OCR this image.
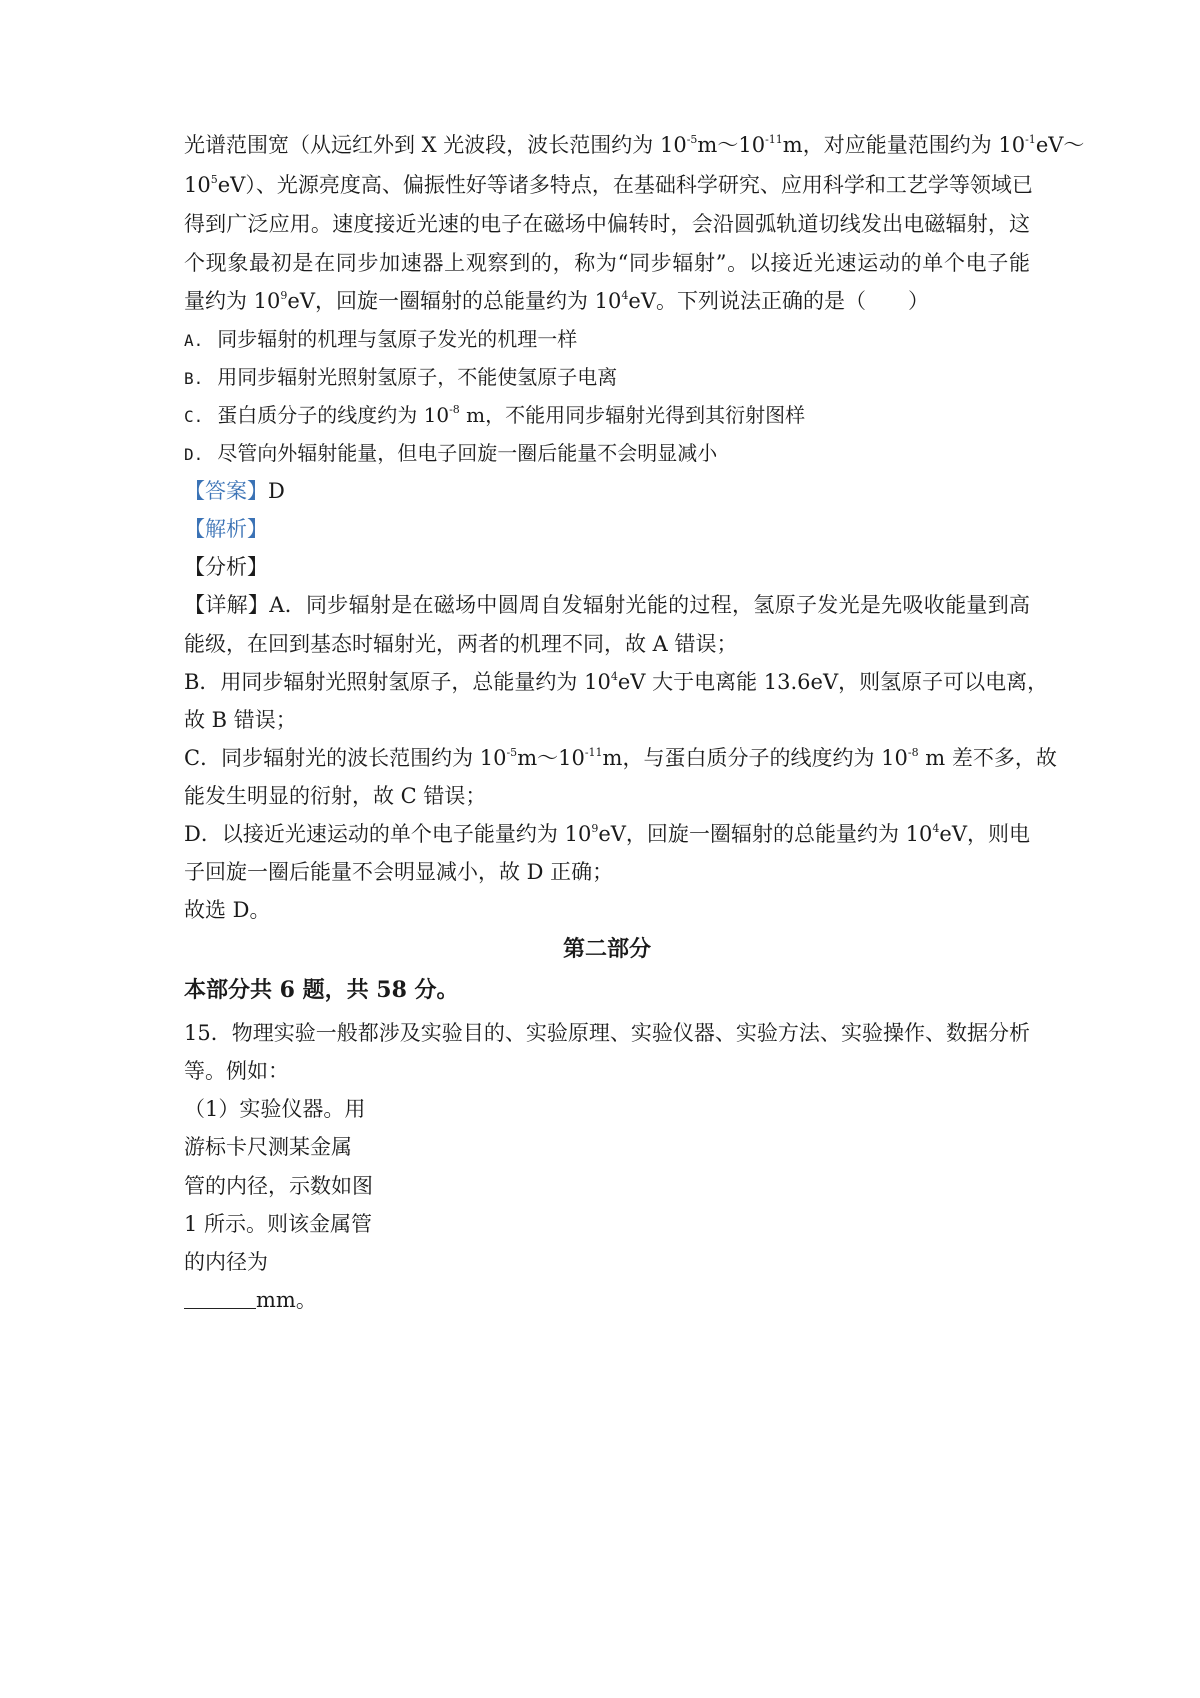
光谱范围宽（从远红外到 X 光波段，波长范围约为 $10^{-5}m\sim 10^{-11}m$，对应能量范围约为 $10^{-1}eV\sim$
$10^5eV$）、光源亮度高、偏振性好等诸多特点，在基础科学研究、应用科学和工艺学等领域已
得到广泛应用。速度接近光速的电子在磁场中偏转时，会沿圆弧轨道切线发出电磁辐射，这
个现象最初是在同步加速器上观察到的，称为“同步辐射”。以接近光速运动的单个电子能
量约为 $10^9eV$，回旋一圈辐射的总能量约为 $10^4eV$。下列说法正确的是（　　）
A. 同步辐射的机理与氢原子发光的机理一样
B. 用同步辐射光照射氢原子，不能使氢原子电离
C. 蛋白质分子的线度约为 $10^{-8}$ m，不能用同步辐射光得到其衍射图样
D. 尽管向外辐射能量，但电子回旋一圈后能量不会明显减小
【答案】D
【解析】
【分析】
【详解】A．同步辐射是在磁场中圆周自发辐射光能的过程，氢原子发光是先吸收能量到高
能级，在回到基态时辐射光，两者的机理不同，故 A 错误；
B．用同步辐射光照射氢原子，总能量约为 $10^4eV$ 大于电离能 13.6eV，则氢原子可以电离，
故 B 错误；
C．同步辐射光的波长范围约为 $10^{-5}m\sim 10^{-11}m$，与蛋白质分子的线度约为 $10^{-8}$ m 差不多，故
能发生明显的衍射，故 C 错误；
D．以接近光速运动的单个电子能量约为 $10^9eV$，回旋一圈辐射的总能量约为 $10^4eV$，则电
子回旋一圈后能量不会明显减小，故 D 正确；
故选 D。
第二部分
本部分共 6 题，共 58 分。
15．物理实验一般都涉及实验目的、实验原理、实验仪器、实验方法、实验操作、数据分析
等。例如：
（1）实验仪器。用
游标卡尺测某金属
管的内径，示数如图
1 所示。则该金属管
的内径为
mm。
